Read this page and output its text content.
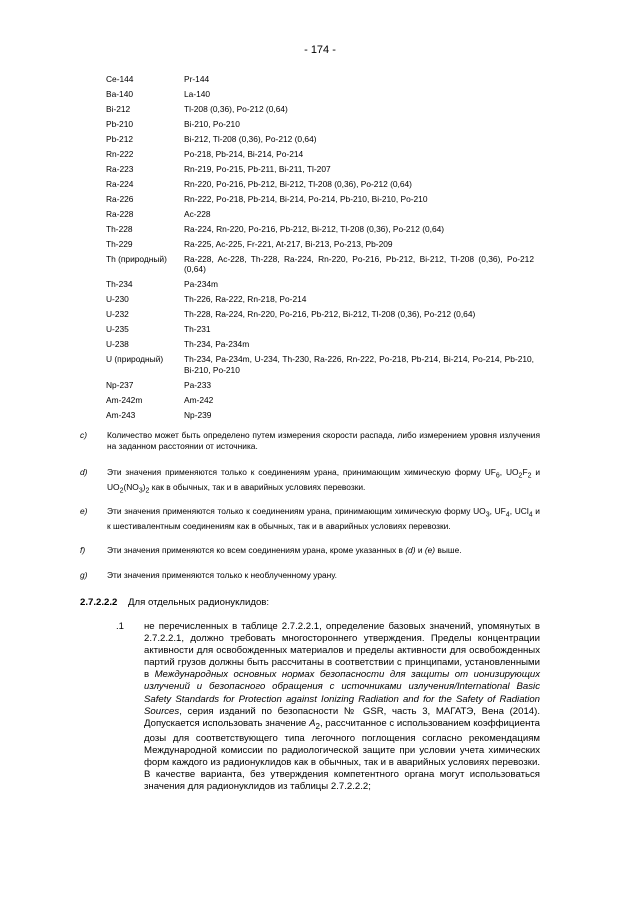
- 174 -
Ce-144	Pr-144
Ba-140	La-140
Bi-212	Tl-208 (0,36), Po-212 (0,64)
Pb-210	Bi-210, Po-210
Pb-212	Bi-212, Tl-208 (0,36), Po-212 (0,64)
Rn-222	Po-218, Pb-214, Bi-214, Po-214
Ra-223	Rn-219, Po-215, Pb-211, Bi-211, Tl-207
Ra-224	Rn-220, Po-216, Pb-212, Bi-212, Tl-208 (0,36), Po-212 (0,64)
Ra-226	Rn-222, Po-218, Pb-214, Bi-214, Po-214, Pb-210, Bi-210, Po-210
Ra-228	Ac-228
Th-228	Ra-224, Rn-220, Po-216, Pb-212, Bi-212, Tl-208 (0,36), Po-212 (0,64)
Th-229	Ra-225, Ac-225, Fr-221, At-217, Bi-213, Po-213, Pb-209
Th (природный)	Ra-228, Ac-228, Th-228, Ra-224, Rn-220, Po-216, Pb-212, Bi-212, Tl-208 (0,36), Po-212 (0,64)
Th-234	Pa-234m
U-230	Th-226, Ra-222, Rn-218, Po-214
U-232	Th-228, Ra-224, Rn-220, Po-216, Pb-212, Bi-212, Tl-208 (0,36), Po-212 (0,64)
U-235	Th-231
U-238	Th-234, Pa-234m
U (природный)	Th-234, Pa-234m, U-234, Th-230, Ra-226, Rn-222, Po-218, Pb-214, Bi-214, Po-214, Pb-210, Bi-210, Po-210
Np-237	Pa-233
Am-242m	Am-242
Am-243	Np-239
c) Количество может быть определено путем измерения скорости распада, либо измерением уровня излучения на заданном расстоянии от источника.
d) Эти значения применяются только к соединениям урана, принимающим химическую форму $UF_6$, $UO_2F_2$ и $UO_2(NO_3)_2$ как в обычных, так и в аварийных условиях перевозки.
e) Эти значения применяются только к соединениям урана, принимающим химическую форму $UO_3$, $UF_4$, UCl$_4$ и к шестивалентным соединениям как в обычных, так и в аварийных условиях перевозки.
f)	Эти значения применяются ко всем соединениям урана, кроме указанных в (d) и (e) выше.
g) Эти значения применяются только к необлученному урану.
2.7.2.2.2 Для отдельных радионуклидов:
.1 не перечисленных в таблице 2.7.2.2.1, определение базовых значений, упомянутых в 2.7.2.2.1, должно требовать многостороннего утверждения. Пределы концентрации активности для освобожденных материалов и пределы активности для освобожденных партий грузов должны быть рассчитаны в соответствии с принципами, установленными в Международных основных нормах безопасности для защиты от ионизирующих излучений и безопасного обращения с источниками излучения/International Basic Safety Standards for Protection against Ionizing Radiation and for the Safety of Radiation Sources, серия изданий по безопасности № GSR, часть 3, МАГАТЭ, Вена (2014). Допускается использовать значение $A_2$, рассчитанное с использованием коэффициента дозы для соответствующего типа легочного поглощения согласно рекомендациям Международной комиссии по радиологической защите при условии учета химических форм каждого из радионуклидов как в обычных, так и в аварийных условиях перевозки. В качестве варианта, без утверждения компетентного органа могут использоваться значения для радионуклидов из таблицы 2.7.2.2.2;
